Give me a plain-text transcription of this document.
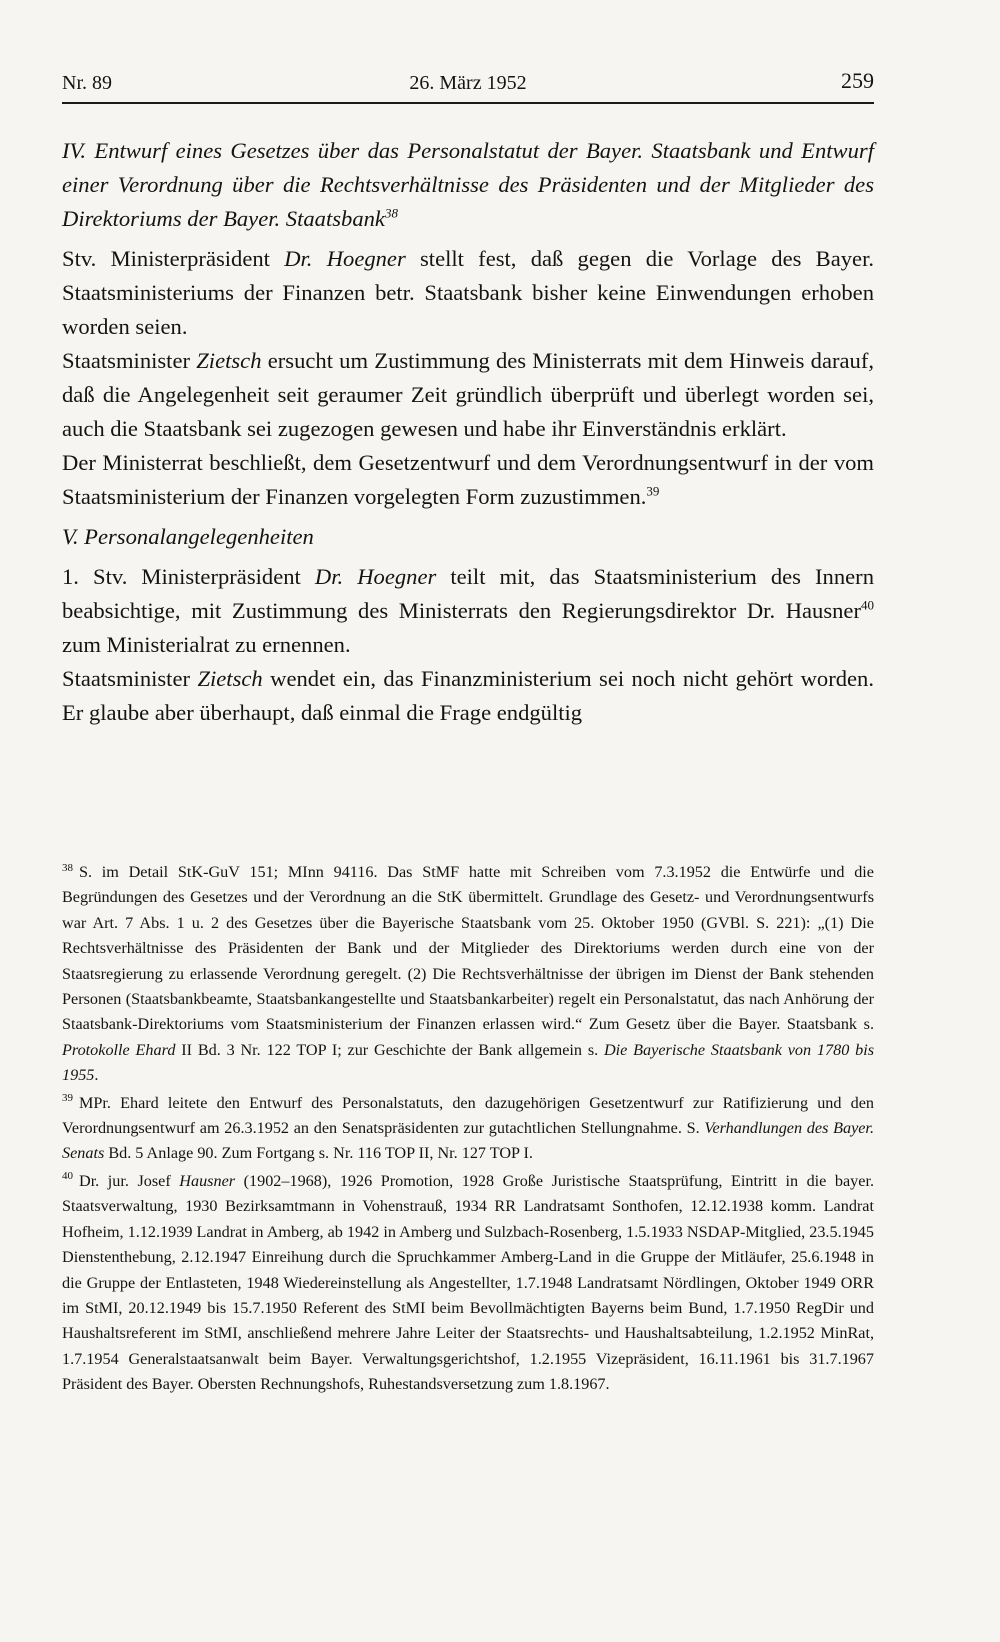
Nr. 89	26. März 1952	259

IV. Entwurf eines Gesetzes über das Personalstatut der Bayer. Staatsbank und Entwurf einer Verordnung über die Rechtsverhältnisse des Präsidenten und der Mitglieder des Direktoriums der Bayer. Staatsbank$^{38}$

Stv. Ministerpräsident Dr. Hoegner stellt fest, daß gegen die Vorlage des Bayer. Staatsministeriums der Finanzen betr. Staatsbank bisher keine Einwendungen erhoben worden seien.

Staatsminister Zietsch ersucht um Zustimmung des Ministerrats mit dem Hinweis darauf, daß die Angelegenheit seit geraumer Zeit gründlich überprüft und überlegt worden sei, auch die Staatsbank sei zugezogen gewesen und habe ihr Einverständnis erklärt.

Der Ministerrat beschließt, dem Gesetzentwurf und dem Verordnungsentwurf in der vom Staatsministerium der Finanzen vorgelegten Form zuzustimmen.$^{39}$

V. Personalangelegenheiten

1. Stv. Ministerpräsident Dr. Hoegner teilt mit, das Staatsministerium des Innern beabsichtige, mit Zustimmung des Ministerrats den Regierungsdirektor Dr. Hausner$^{40}$ zum Ministerialrat zu ernennen.

Staatsminister Zietsch wendet ein, das Finanzministerium sei noch nicht gehört worden. Er glaube aber überhaupt, daß einmal die Frage endgültig

$^{38}$ S. im Detail StK-GuV 151; MInn 94116. Das StMF hatte mit Schreiben vom 7.3.1952 die Entwürfe und die Begründungen des Gesetzes und der Verordnung an die StK übermittelt. Grundlage des Gesetz- und Verordnungsentwurfs war Art. 7 Abs. 1 u. 2 des Gesetzes über die Bayerische Staatsbank vom 25. Oktober 1950 (GVBl. S. 221): „(1) Die Rechtsverhältnisse des Präsidenten der Bank und der Mitglieder des Direktoriums werden durch eine von der Staatsregierung zu erlassende Verordnung geregelt. (2) Die Rechtsverhältnisse der übrigen im Dienst der Bank stehenden Personen (Staatsbankbeamte, Staatsbankangestellte und Staatsbankarbeiter) regelt ein Personalstatut, das nach Anhörung der Staatsbank-Direktoriums vom Staatsministerium der Finanzen erlassen wird.“ Zum Gesetz über die Bayer. Staatsbank s. Protokolle Ehard II Bd. 3 Nr. 122 TOP I; zur Geschichte der Bank allgemein s. Die Bayerische Staatsbank von 1780 bis 1955.

$^{39}$ MPr. Ehard leitete den Entwurf des Personalstatuts, den dazugehörigen Gesetzentwurf zur Ratifizierung und den Verordnungsentwurf am 26.3.1952 an den Senatspräsidenten zur gutachtlichen Stellungnahme. S. Verhandlungen des Bayer. Senats Bd. 5 Anlage 90. Zum Fortgang s. Nr. 116 TOP II, Nr. 127 TOP I.

$^{40}$ Dr. jur. Josef Hausner (1902–1968), 1926 Promotion, 1928 Große Juristische Staatsprüfung, Eintritt in die bayer. Staatsverwaltung, 1930 Bezirksamtmann in Vohenstrauß, 1934 RR Landratsamt Sonthofen, 12.12.1938 komm. Landrat Hofheim, 1.12.1939 Landrat in Amberg, ab 1942 in Amberg und Sulzbach-Rosenberg, 1.5.1933 NSDAP-Mitglied, 23.5.1945 Dienstenthebung, 2.12.1947 Einreihung durch die Spruchkammer Amberg-Land in die Gruppe der Mitläufer, 25.6.1948 in die Gruppe der Entlasteten, 1948 Wiedereinstellung als Angestellter, 1.7.1948 Landratsamt Nördlingen, Oktober 1949 ORR im StMI, 20.12.1949 bis 15.7.1950 Referent des StMI beim Bevollmächtigten Bayerns beim Bund, 1.7.1950 RegDir und Haushaltsreferent im StMI, anschließend mehrere Jahre Leiter der Staatsrechts- und Haushaltsabteilung, 1.2.1952 MinRat, 1.7.1954 Generalstaatsanwalt beim Bayer. Verwaltungsgerichtshof, 1.2.1955 Vizepräsident, 16.11.1961 bis 31.7.1967 Präsident des Bayer. Obersten Rechnungshofs, Ruhestandsversetzung zum 1.8.1967.
